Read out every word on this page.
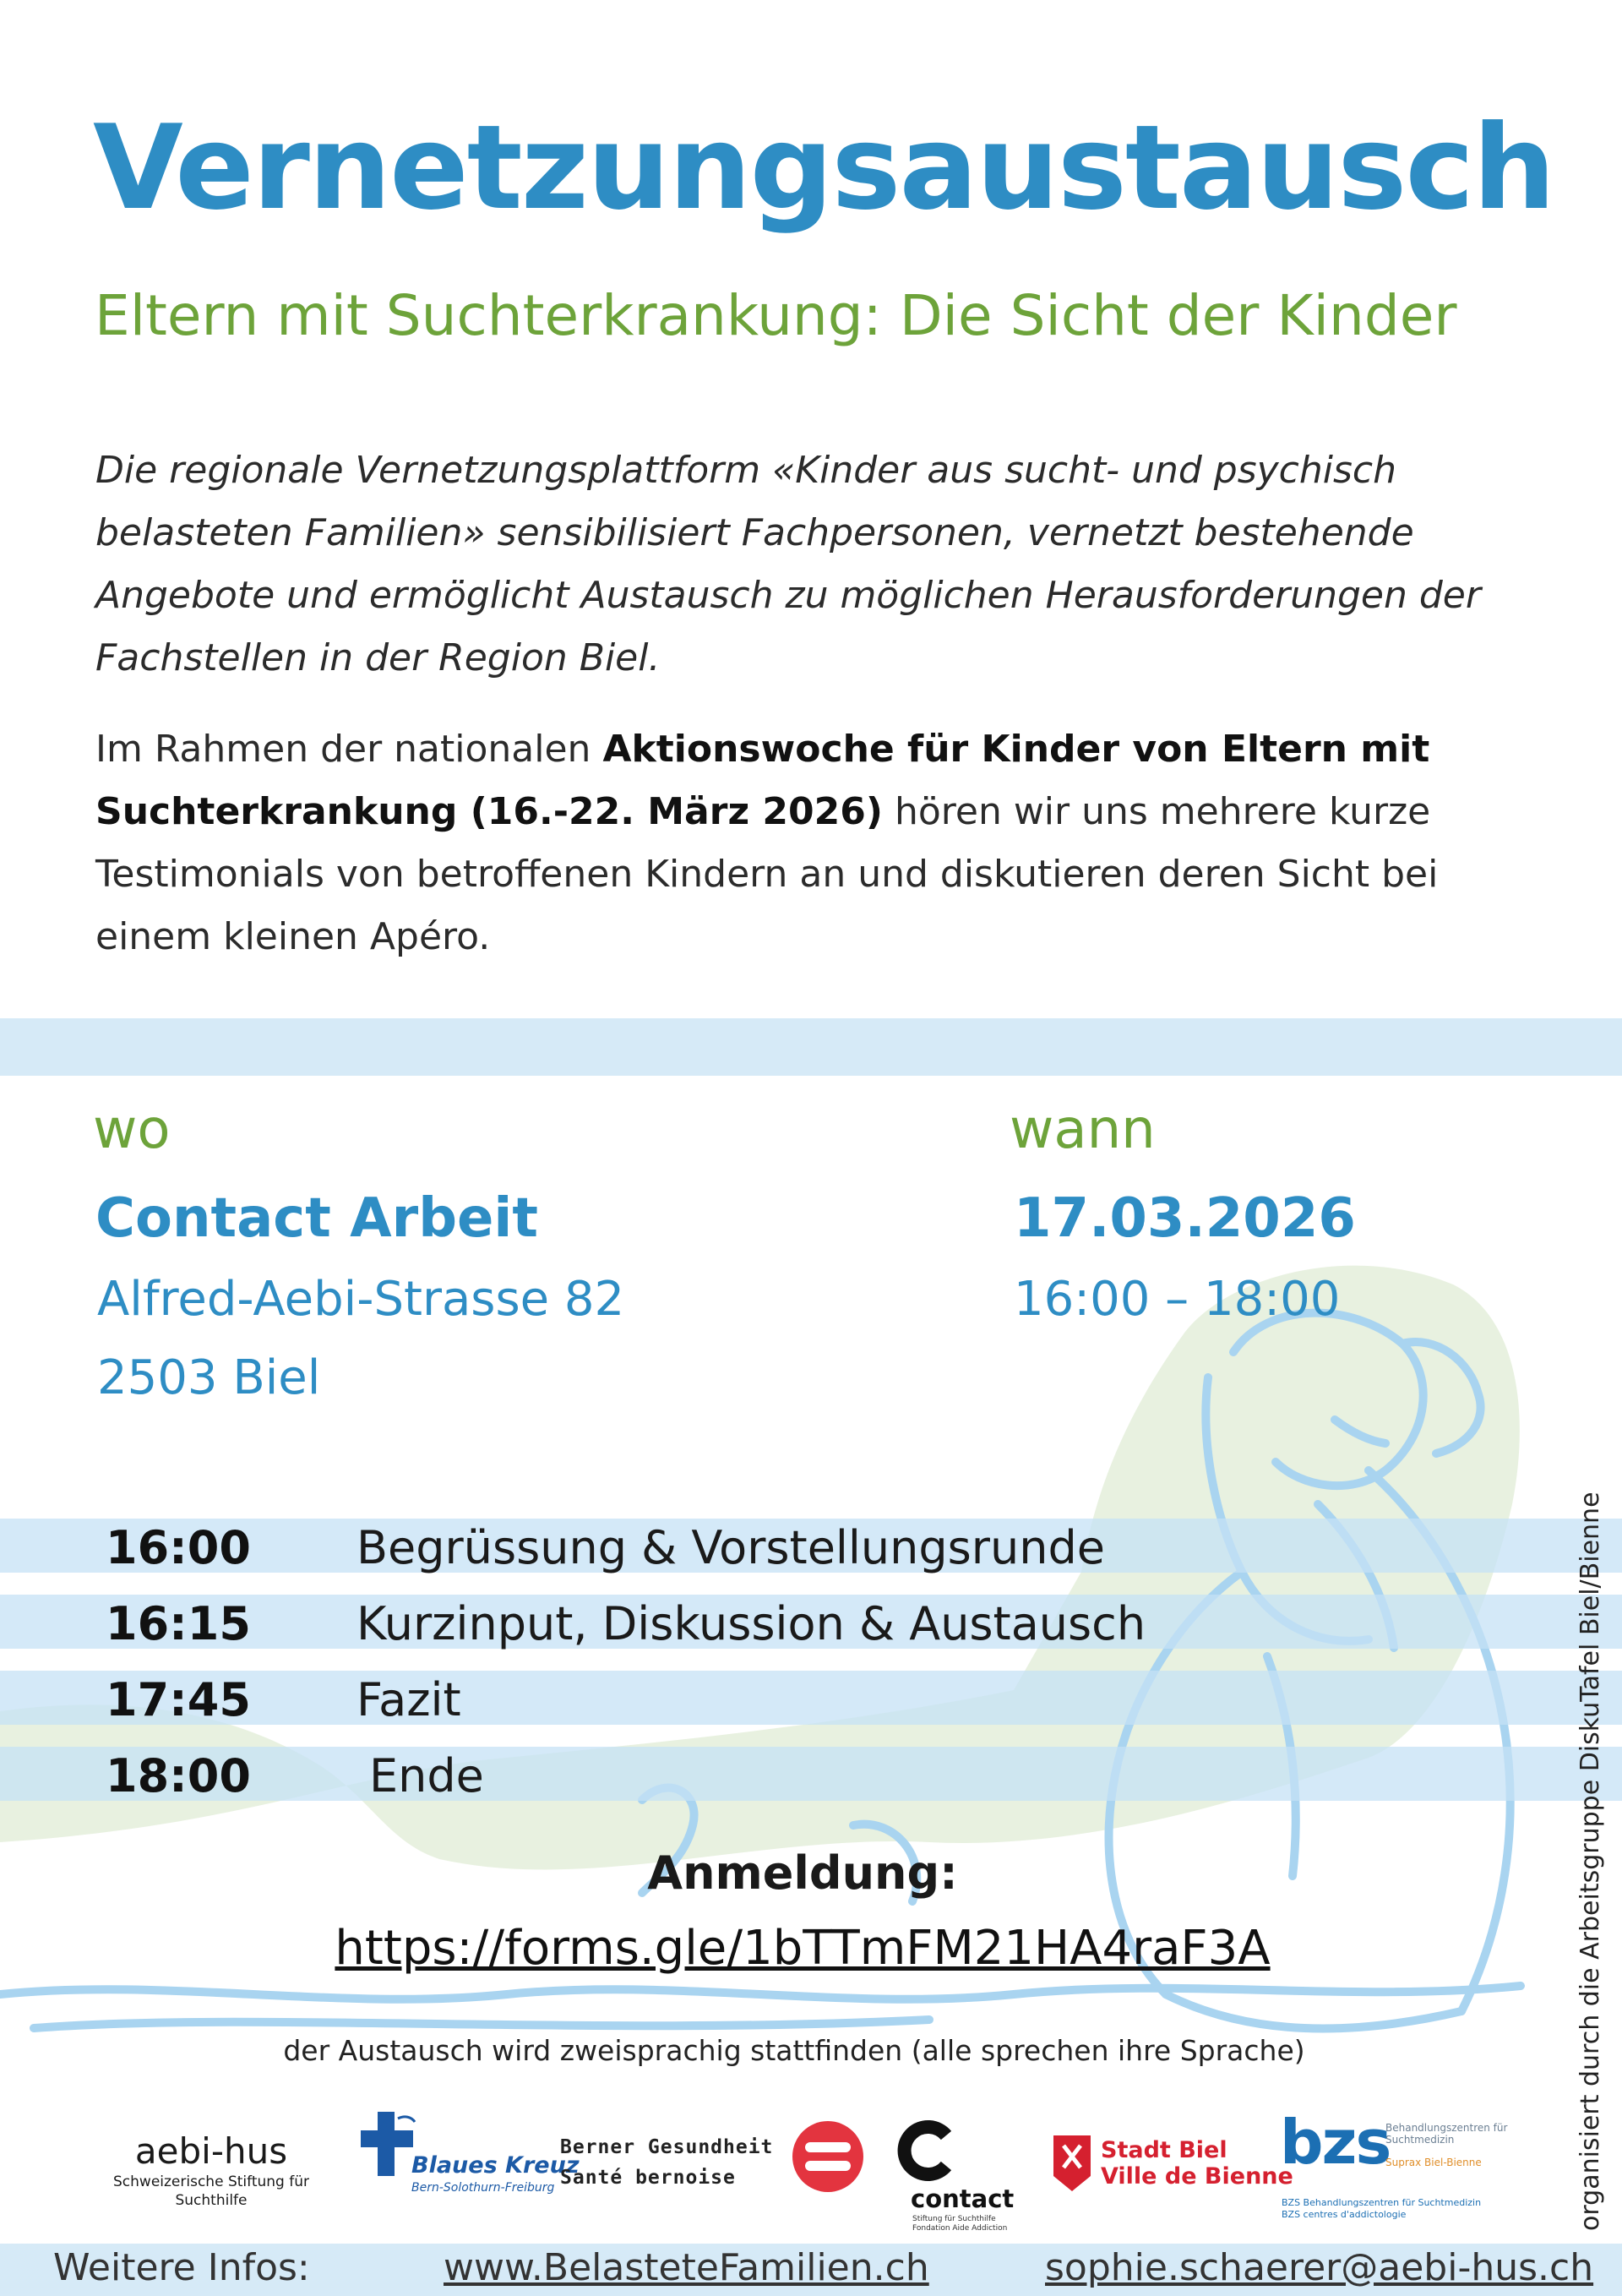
Vernetzungsaustausch
Eltern mit Suchterkrankung: Die Sicht der Kinder
Die regionale Vernetzungsplattform «Kinder aus sucht- und psychisch belasteten Familien» sensibilisiert Fachpersonen, vernetzt bestehende Angebote und ermöglicht Austausch zu möglichen Herausforderungen der Fachstellen in der Region Biel.
Im Rahmen der nationalen Aktionswoche für Kinder von Eltern mit Suchterkrankung (16.-22. März 2026) hören wir uns mehrere kurze Testimonials von betroffenen Kindern an und diskutieren deren Sicht bei einem kleinen Apéro.
wo
Contact Arbeit
Alfred-Aebi-Strasse 82
2503 Biel
wann
17.03.2026
16:00 – 18:00
16:00 Begrüssung & Vorstellungsrunde
16:15 Kurzinput, Diskussion & Austausch
17:45 Fazit
18:00	Ende
Anmeldung:
https://forms.gle/1bTTmFM21HA4raF3A
der Austausch wird zweisprachig stattfinden (alle sprechen ihre Sprache)	organisiert durch die Arbeitsgruppe DiskuTafel Biel/Bienne
aebi-hus
Schweizerische Stiftung für Suchthilfe
Blaues Kreuz
Bern-Solothurn-Freiburg
Berner Gesundheit
Santé bernoise
contact
Stiftung für Suchthilfe
Fondation Aide Addiction
Stadt Biel
Ville de Bienne
bzs
Behandlungszentren für Suchtmedizin
Suprax Biel-Bienne
BZS Behandlungszentren für Suchtmedizin
BZS centres d'addictologie
Weitere Infos:	www.BelasteteFamilien.ch	sophie.schaerer@aebi-hus.ch
